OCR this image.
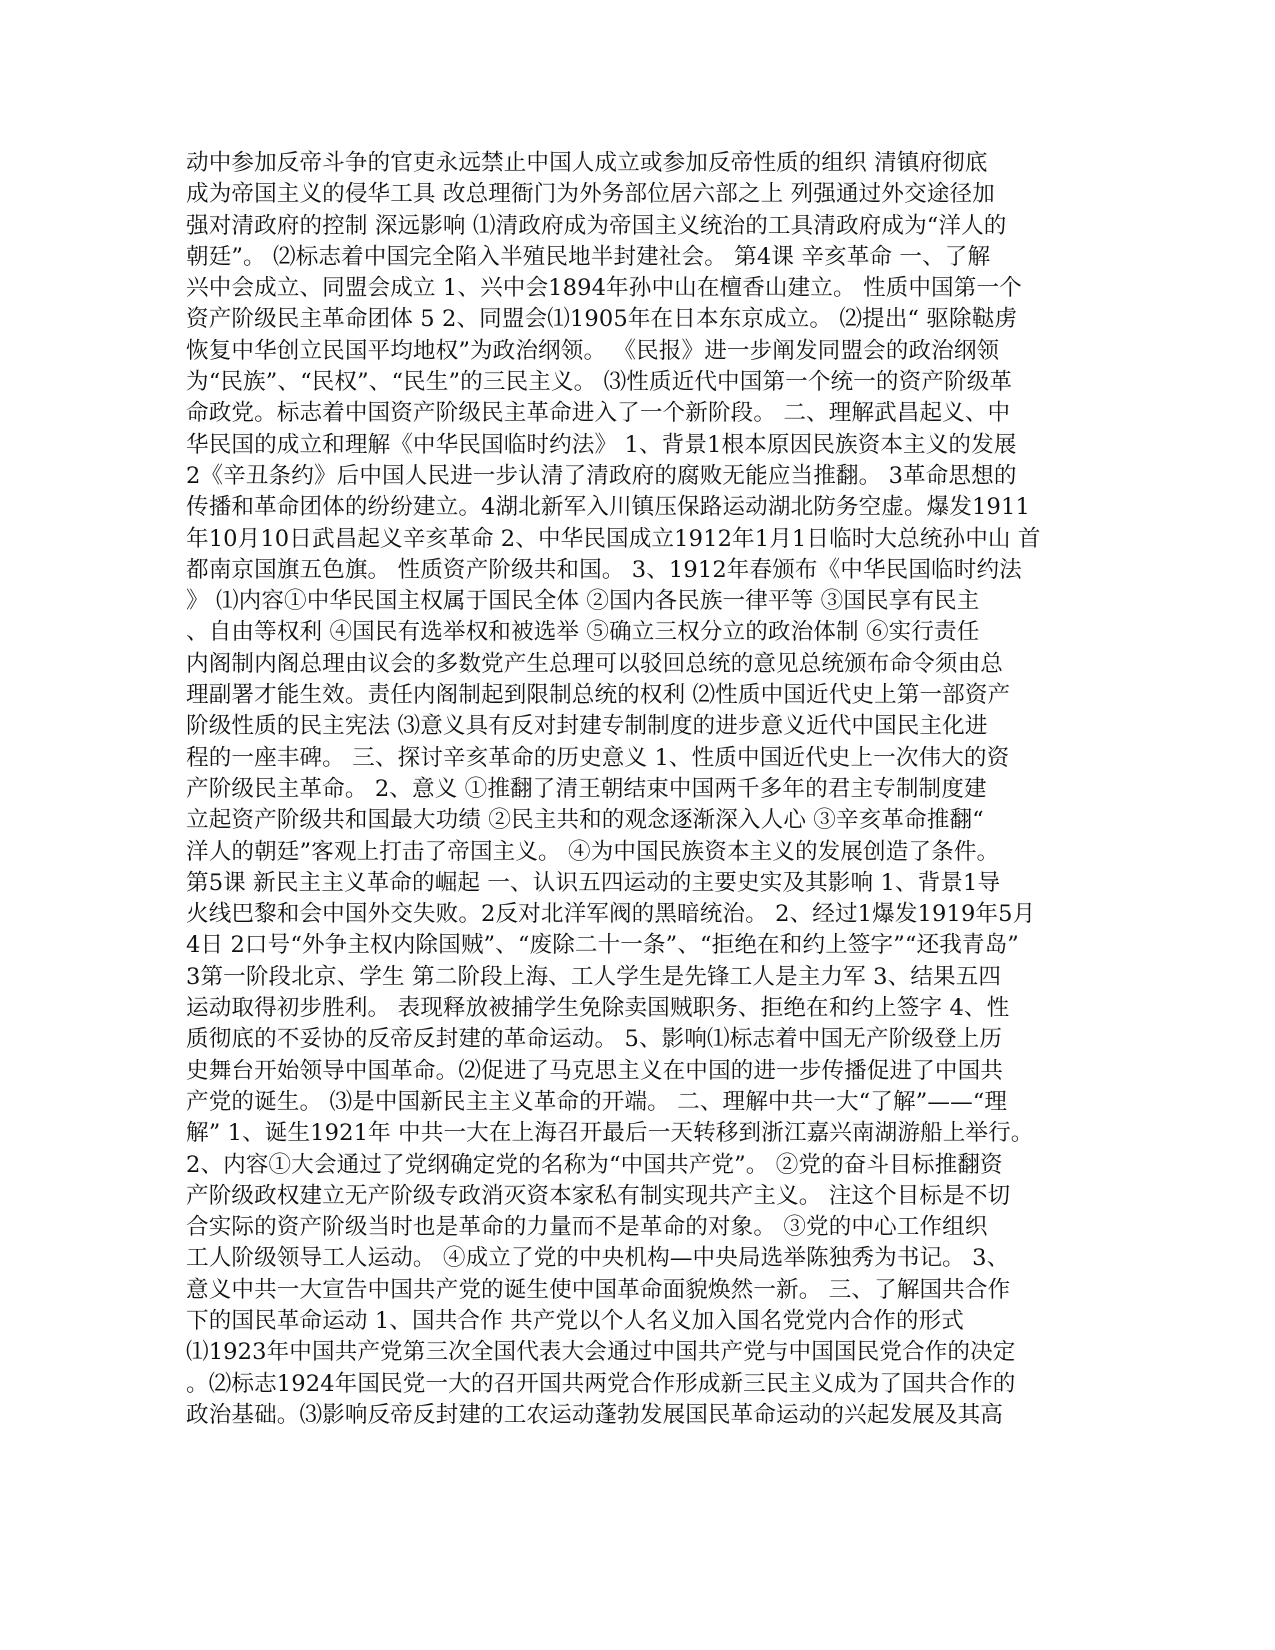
动中参加反帝斗争的官吏永远禁止中国人成立或参加反帝性质的组织 清镇府彻底
成为帝国主义的侵华工具 改总理衙门为外务部位居六部之上 列强通过外交途径加
强对清政府的控制 深远影响 ⑴清政府成为帝国主义统治的工具清政府成为“洋人的
朝廷”。 ⑵标志着中国完全陷入半殖民地半封建社会。 第4课 辛亥革命 一、了解
兴中会成立、同盟会成立 1、兴中会1894年孙中山在檀香山建立。 性质中国第一个
资产阶级民主革命团体 5 2、同盟会⑴1905年在日本东京成立。 ⑵提出“ 驱除鞑虏
恢复中华创立民国平均地权”为政治纲领。 《民报》进一步阐发同盟会的政治纲领
为“民族”、“民权”、“民生”的三民主义。 ⑶性质近代中国第一个统一的资产阶级革
命政党。标志着中国资产阶级民主革命进入了一个新阶段。 二、理解武昌起义、中
华民国的成立和理解《中华民国临时约法》 1、背景1根本原因民族资本主义的发展
2《辛丑条约》后中国人民进一步认清了清政府的腐败无能应当推翻。 3革命思想的
传播和革命团体的纷纷建立。4湖北新军入川镇压保路运动湖北防务空虚。爆发1911
年10月10日武昌起义辛亥革命 2、中华民国成立1912年1月1日临时大总统孙中山 首
都南京国旗五色旗。 性质资产阶级共和国。 3、1912年春颁布《中华民国临时约法
》 ⑴内容①中华民国主权属于国民全体 ②国内各民族一律平等 ③国民享有民主
、自由等权利 ④国民有选举权和被选举 ⑤确立三权分立的政治体制 ⑥实行责任
内阁制内阁总理由议会的多数党产生总理可以驳回总统的意见总统颁布命令须由总
理副署才能生效。责任内阁制起到限制总统的权利 ⑵性质中国近代史上第一部资产
阶级性质的民主宪法 ⑶意义具有反对封建专制制度的进步意义近代中国民主化进
程的一座丰碑。 三、探讨辛亥革命的历史意义 1、性质中国近代史上一次伟大的资
产阶级民主革命。 2、意义 ①推翻了清王朝结束中国两千多年的君主专制制度建
立起资产阶级共和国最大功绩 ②民主共和的观念逐渐深入人心 ③辛亥革命推翻“
洋人的朝廷”客观上打击了帝国主义。 ④为中国民族资本主义的发展创造了条件。
第5课 新民主主义革命的崛起 一、认识五四运动的主要史实及其影响 1、背景1导
火线巴黎和会中国外交失败。2反对北洋军阀的黑暗统治。 2、经过1爆发1919年5月
4日 2口号“外争主权内除国贼”、“废除二十一条”、“拒绝在和约上签字”“还我青岛”
3第一阶段北京、学生 第二阶段上海、工人学生是先锋工人是主力军 3、结果五四
运动取得初步胜利。 表现释放被捕学生免除卖国贼职务、拒绝在和约上签字 4、性
质彻底的不妥协的反帝反封建的革命运动。 5、影响⑴标志着中国无产阶级登上历
史舞台开始领导中国革命。⑵促进了马克思主义在中国的进一步传播促进了中国共
产党的诞生。 ⑶是中国新民主主义革命的开端。 二、理解中共一大“了解”——“理
解” 1、诞生1921年 中共一大在上海召开最后一天转移到浙江嘉兴南湖游船上举行。
2、内容①大会通过了党纲确定党的名称为“中国共产党”。 ②党的奋斗目标推翻资
产阶级政权建立无产阶级专政消灭资本家私有制实现共产主义。 注这个目标是不切
合实际的资产阶级当时也是革命的力量而不是革命的对象。 ③党的中心工作组织
工人阶级领导工人运动。 ④成立了党的中央机构—中央局选举陈独秀为书记。 3、
意义中共一大宣告中国共产党的诞生使中国革命面貌焕然一新。 三、了解国共合作
下的国民革命运动 1、国共合作 共产党以个人名义加入国名党党内合作的形式
⑴1923年中国共产党第三次全国代表大会通过中国共产党与中国国民党合作的决定
。⑵标志1924年国民党一大的召开国共两党合作形成新三民主义成为了国共合作的
政治基础。⑶影响反帝反封建的工农运动蓬勃发展国民革命运动的兴起发展及其高
